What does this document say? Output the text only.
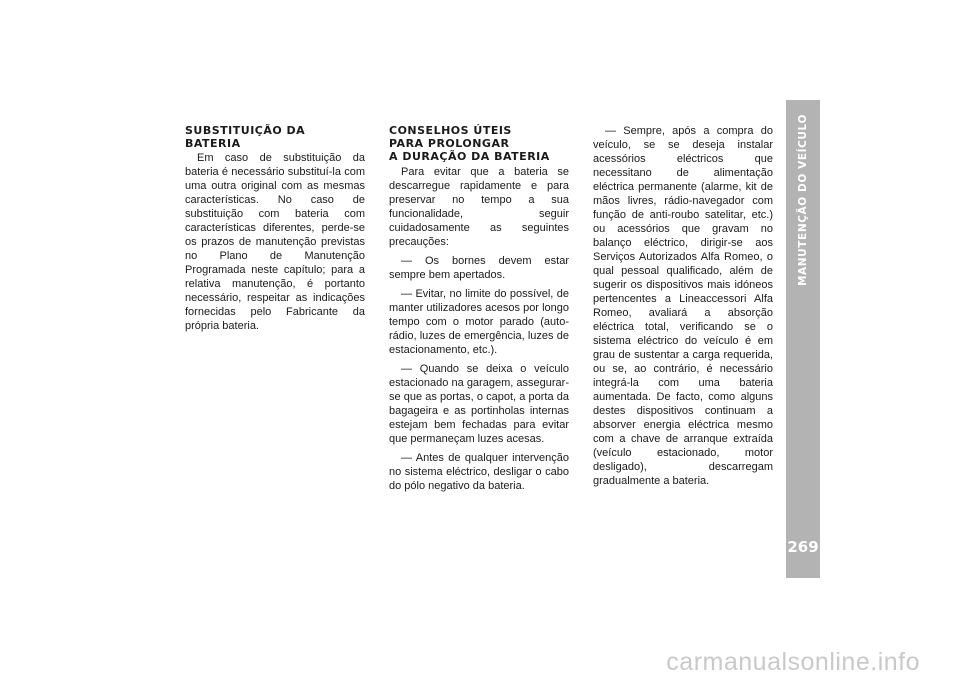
SUBSTITUIÇÃO DA BATERIA

Em caso de substituição da bateria é necessário substituí-la com uma outra original com as mesmas características. No caso de substituição com bateria com características diferentes, perde-se os prazos de manutenção previstas no Plano de Manutenção Programada neste capítulo; para a relativa manutenção, é portanto necessário, respeitar as indicações fornecidas pelo Fabricante da própria bateria.

CONSELHOS ÚTEIS
PARA PROLONGAR
A DURAÇÃO DA BATERIA

Para evitar que a bateria se descarregue rapidamente e para preservar no tempo a sua funcionalidade, seguir cuidadosamente as seguintes precauções:

— Os bornes devem estar sempre bem apertados.

— Evitar, no limite do possível, de manter utilizadores acesos por longo tempo com o motor parado (auto-rádio, luzes de emergência, luzes de estacionamento, etc.).

— Quando se deixa o veículo estacionado na garagem, assegurar-se que as portas, o capot, a porta da bagageira e as portinholas internas estejam bem fechadas para evitar que permaneçam luzes acesas.

— Antes de qualquer intervenção no sistema eléctrico, desligar o cabo do pólo negativo da bateria.

— Sempre, após a compra do veículo, se se deseja instalar acessórios eléctricos que necessitano de alimentação eléctrica permanente (alarme, kit de mãos livres, rádio-navegador com função de anti-roubo satelitar, etc.) ou acessórios que gravam no balanço eléctrico, dirigir-se aos Serviços Autorizados Alfa Romeo, o qual pessoal qualificado, além de sugerir os dispositivos mais idóneos pertencentes a Lineaccessori Alfa Romeo, avaliará a absorção eléctrica total, verificando se o sistema eléctrico do veículo é em grau de sustentar a carga requerida, ou se, ao contrário, é necessário integrá-la com uma bateria aumentada. De facto, como alguns destes dispositivos continuam a absorver energia eléctrica mesmo com a chave de arranque extraída (veículo estacionado, motor desligado), descarregam gradualmente a bateria.

MANUTENÇÃO DO VEÍCULO
269
carmanualsonline.info
